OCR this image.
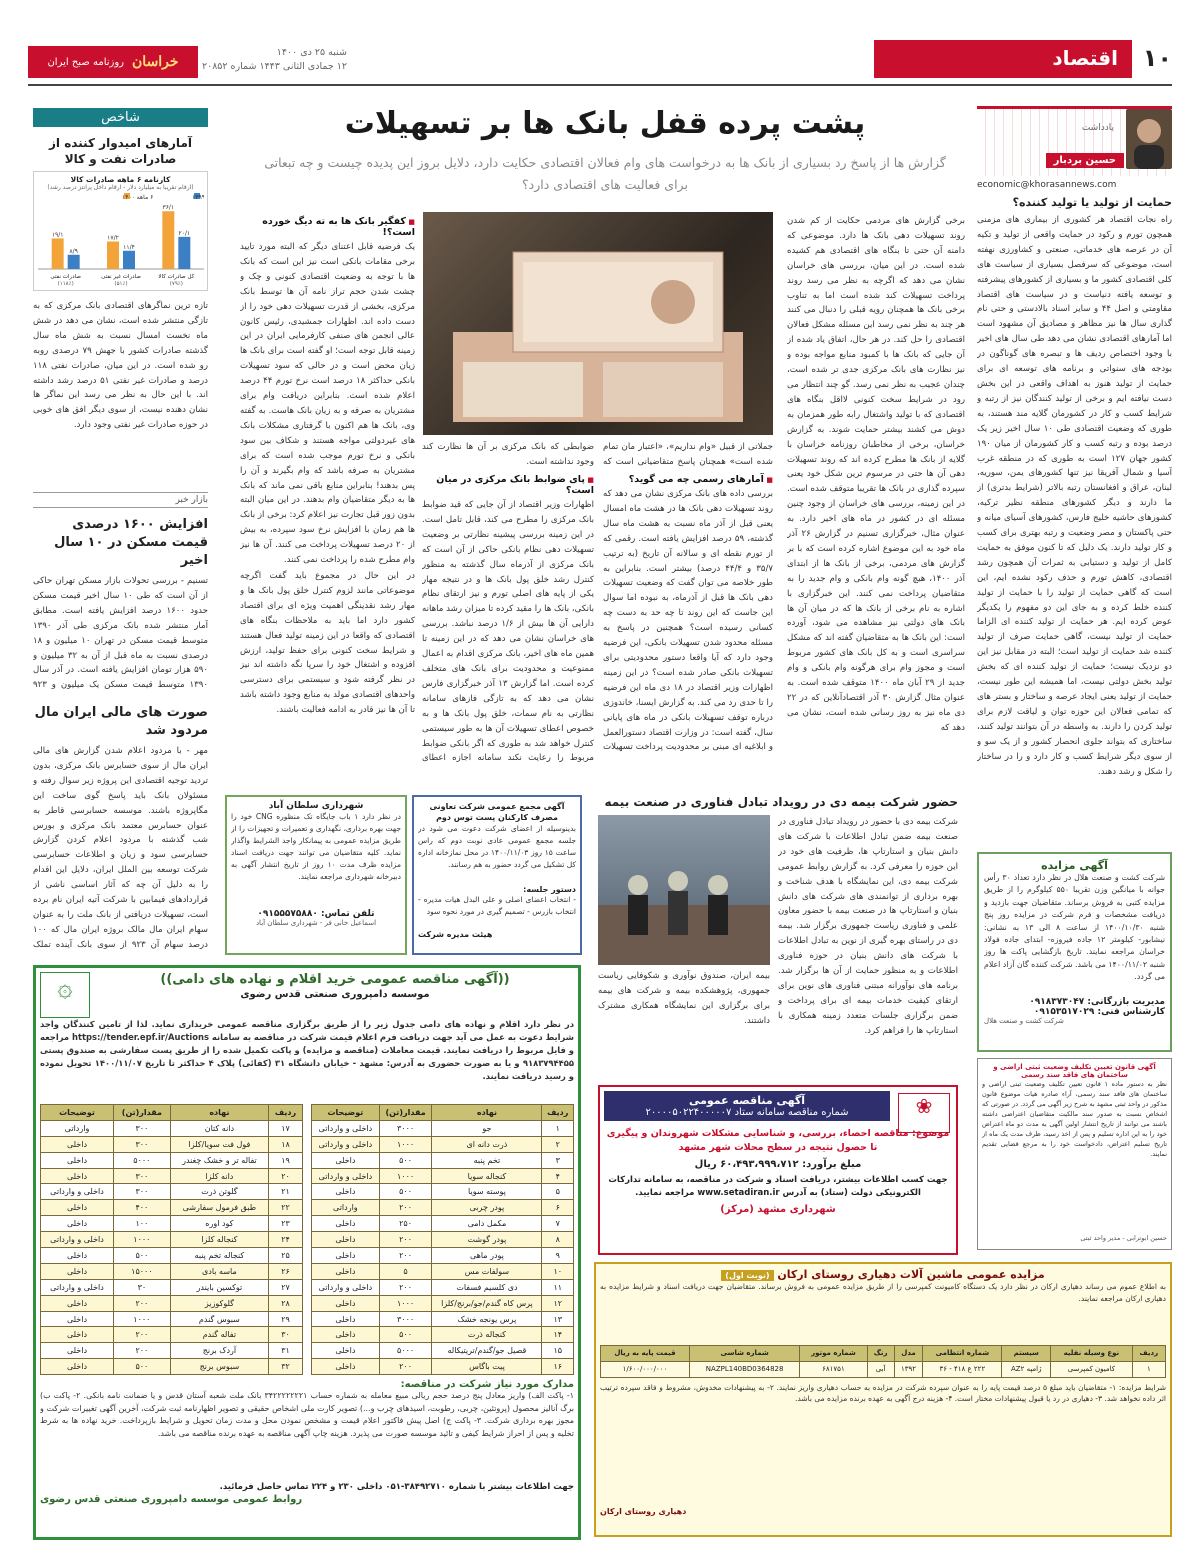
۱۰
اقتصاد
شنبه ۲۵ دی ۱۴۰۰
۱۲ جمادی الثانی ۱۴۴۳ شماره ۲۰۸۵۲
خراسان
روزنامه صبح ایران
یادداشت
حسین بردبار
economic@khorasannews.com
حمایت از تولید یا تولید کننده؟

راه نجات اقتصاد هر کشوری از بیماری های مزمنی همچون تورم و رکود در حمایت واقعی از تولید و تکیه آن در عرصه های خدماتی، صنعتی و کشاورزی نهفته است، موضوعی که سرفصل بسیاری از سیاست های کلی اقتصادی کشور ما و بسیاری از کشورهای پیشرفته و توسعه یافته دنیاست و در سیاست های اقتصاد مقاومتی و اصل ۴۴ و سایر اسناد بالادستی و حتی نام گذاری سال ها نیز مظاهر و مصادیق آن مشهود است اما آمارهای اقتصادی نشان می دهد طی سال های اخیر با وجود اختصاص ردیف ها و تبصره های گوناگون در بودجه های سنواتی و برنامه های توسعه ای برای حمایت از تولید هنوز به اهداف واقعی در این بخش دست نیافته ایم و برخی از تولید کنندگان نیز از رتبه و شرایط کسب و کار در کشورمان گلایه مند هستند، به طوری که وضعیت اقتصادی طی ۱۰ سال اخیر زیر یک درصد بوده و رتبه کسب و کار کشورمان از میان ۱۹۰ کشور جهان ۱۲۷ است به طوری که در منطقه غرب آسیا و شمال آفریقا نیز تنها کشورهای یمن، سوریه، لبنان، عراق و افغانستان رتبه بالاتر (شرایط بدتری) از ما دارند و دیگر کشورهای منطقه نظیر ترکیه، کشورهای حاشیه خلیج فارس، کشورهای آسیای میانه و حتی پاکستان و مصر وضعیت و رتبه بهتری برای کسب و کار تولید دارند. یک دلیل که تا کنون موفق به حمایت کامل از تولید و دستیابی به ثمرات آن همچون رشد اقتصادی، کاهش تورم و حذف رکود نشده ایم، این است که گاهی حمایت از تولید را با حمایت از تولید کننده خلط کرده و به جای این دو مفهوم را یکدیگر عوض کرده ایم. هر حمایت از تولید کننده ای الزاما حمایت از تولید نیست، گاهی حمایت صرف از تولید کننده شد حمایت از تولید است؛ البته در مقابل نیز این دو نزدیک نیست؛ حمایت از تولید کننده ای که بخش تولید بخش دولتی نیست، اما همیشه این طور نیست، حمایت از تولید یعنی ایجاد عرصه و ساختار و بستر های که تمامی فعالان این حوزه توان و لیاقت لازم برای تولید کردن را دارند. به واسطه در آن بتوانند تولید کنند، ساختاری که بتواند جلوی انحصار کشور و از یک سو و از سوی دیگر شرایط کسب و کار دارد و را در ساختار را شکل و رشد دهند.

پشت پرده قفل بانک ها بر تسهیلات
گزارش ها از پاسخ رد بسیاری از بانک ها به درخواست های وام فعالان اقتصادی حکایت دارد، دلایل بروز این پدیده چیست و چه تبعاتی برای فعالیت های اقتصادی دارد؟

برخی گزارش های مردمی حکایت از کم شدن روند تسهیلات دهی بانک ها دارد. موضوعی که دامنه آن حتی تا بنگاه های اقتصادی هم کشیده شده است. در این میان، بررسی های خراسان نشان می دهد که اگرچه به نظر می رسد روند پرداخت تسهیلات کند شده است اما به تناوب برخی بانک ها همچنان رویه قبلی را دنبال می کنند هر چند به نظر نمی رسد این مسئله مشکل فعالان اقتصادی را حل کند. در هر حال، اتفاق یاد شده از آن جایی که بانک ها با کمبود منابع مواجه بوده و نیز نظارت های بانک مرکزی جدی تر شده است، چندان عجیب به نظر نمی رسد. گو چند انتظار می رود در شرایط سخت کنونی لااقل بنگاه های اقتصادی که با تولید واشتغال رابه طور همزمان به دوش می کشند بیشتر حمایت شوند. به گزارش خراسان، برخی از مخاطبان روزنامه خراسان با گلایه از بانک ها مطرح کرده اند که روند تسهیلات دهی آن ها حتی در مرسوم ترین شکل خود یعنی سپرده گذاری در بانک ها تقریبا متوقف شده است. در این زمینه، بررسی های خراسان از وجود چنین مسئله ای در کشور در ماه های اخیر دارد. به عنوان مثال، خبرگزاری تسنیم در گزارش ۲۶ آذر ماه خود به این موضوع اشاره کرده است که با بر گزارش های مردمی، برخی از بانک ها از ابتدای آذر ۱۴۰۰، هیچ گونه وام بانکی و وام جدید را به متقاضیان پرداخت نمی کنند. این خبرگزاری با اشاره به نام برخی از بانک ها که در میان آن ها بانک های دولتی نیز مشاهده می شود، آورده است: این بانک ها به متقاضیان گفته اند که مشکل سراسری است و به کل بانک های کشور مربوط است و مجوز وام برای هرگونه وام بانکی و وام جدید از ۲۹ آبان ماه ۱۴۰۰ متوقف شده است. به عنوان مثال گزارش ۳۰ آذر اقتصادآنلاین که در ۲۲ دی ماه نیز به روز رسانی شده است، نشان می دهد که

جملاتی از قبیل «وام نداریم»، «اعتبار مان تمام شده است» همچنان پاسخ متقاضیانی است که

■ آمارهای رسمی چه می گوید؟

بررسی داده های بانک مرکزی نشان می دهد که روند تسهیلات دهی بانک ها در هشت ماه امسال یعنی قبل از آذر ماه نسبت به هشت ماه سال گذشته، ۵۹ درصد افزایش یافته است. رقمی که از تورم نقطه ای و سالانه آن تاریخ (به ترتیب ۳۵/۷ و ۴۴/۴ درصد) بیشتر است. بنابراین به طور خلاصه می توان گفت که وضعیت تسهیلات دهی بانک ها قبل از آذرماه، به نبوده اما سوال این جاست که این روند تا چه حد به دست چه کسانی رسیده است؟ همچنین در پاسخ به مسئله محدود شدن تسهیلات بانکی، این فرضیه وجود دارد که آیا واقعا دستور محدودیتی برای تسهیلات بانکی صادر شده است؟ در این زمینه اظهارات وزیر اقتصاد در ۱۸ دی ماه این فرضیه را تا حدی رد می کند. به گزارش ایسنا، خاندوزی درباره توقف تسهیلات بانکی در ماه های پایانی سال، گفته است: در وزارت اقتصاد دستورالعمل و ابلاغیه ای مبنی بر محدودیت پرداخت تسهیلات

ضوابطی که بانک مرکزی بر آن ها نظارت کند وجود نداشته است.

■ پای ضوابط بانک مرکزی در میان است؟

اظهارات وزیر اقتصاد از آن جایی که قید ضوابط بانک مرکزی را مطرح می کند، قابل تامل است. در این زمینه بررسی پیشینه نظارتی بر وضعیت تسهیلات دهی نظام بانکی حاکی از آن است که بانک مرکزی از آذرماه سال گذشته به منظور کنترل رشد خلق پول بانک ها و در نتیجه مهار یکی از پایه های اصلی تورم و نیز ارتقای نظام بانکی، بانک ها را مقید کرده تا میزان رشد ماهانه دارایی آن ها بیش از ۱/۶ درصد نباشد. بررسی های خراسان نشان می دهد که در این زمینه تا همین ماه های اخیر، بانک مرکزی اقدام به اعمال ممنوعیت و محدودیت برای بانک های متخلف کرده است. اما گزارش ۱۳ آذر خبرگزاری فارس نشان می دهد که به تازگی فازهای سامانه نظارتی به نام سمات، خلق پول بانک ها و به خصوص اعطای تسهیلات آن ها به طور سیستمی کنترل خواهد شد به طوری که اگر بانکی ضوابط مربوط را رعایت نکند سامانه اجازه اعطای

■ کفگیر بانک ها به ته دیگ خورده است؟!

یک فرضیه قابل اعتنای دیگر که البته مورد تایید برخی مقامات بانکی است نیز این است که بانک ها با توجه به وضعیت اقتصادی کنونی و چک و چشت شدن حجم تراز نامه آن ها توسط بانک مرکزی، بخشی از قدرت تسهیلات دهی خود را از دست داده اند. اظهارات جمشیدی، رئیس کانون عالی انجمن های صنفی کارفرمایی ایران در این زمینه قابل توجه است؛ او گفته است برای بانک ها زیان محض است و در حالی که سود تسهیلات بانکی حداکثر ۱۸ درصد است نرخ تورم ۴۴ درصد اعلام شده است. بنابراین دریافت وام برای مشتریان به صرفه و به زیان بانک هاست. به گفته وی، بانک ها هم اکنون با گرفتاری مشکلات بانک های غیردولتی مواجه هستند و شکاف بین سود بانکی و نرخ تورم موجب شده است که برای مشتریان به صرفه باشد که وام بگیرند و آن را پس بدهند! بنابراین منابع باقی نمی ماند که بانک ها به دیگر متقاضیان وام بدهند. در این میان البته بدون زور قبل تجارت نیز اعلام کرد: برخی از بانک ها هم زمان با افزایش نرخ سود سپرده، به بیش از ۲۰ درصد تسهیلات پرداخت می کنند. آن ها نیز وام مطرح شده را پرداخت نمی کنند.

در این حال در مجموع باید گفت اگرچه موضوعاتی مانند لزوم کنترل خلق پول بانک ها و مهار رشد نقدینگی اهمیت ویژه ای برای اقتصاد کشور دارد اما باید به ملاحظات بنگاه های اقتصادی که واقعا در این زمینه تولید فعال هستند و شرایط سخت کنونی برای حفظ تولید، ارزش افزوده و اشتغال خود را سرپا نگه داشته اند نیز در نظر گرفته شود و سیستمی برای دسترسی واحدهای اقتصادی مولد به منابع وجود داشته باشد تا آن ها نیز قادر به ادامه فعالیت باشند.

شاخص
آمارهای امیدوار کننده از صادرات نفت و کالا
کارنامه ۶ ماهه صادرات کالا
(ارقام تقریبا به میلیارد دلار - ارقام داخل پرانتز درصد رشد)
۲۰/۱
۳۶/۱
کل صادرات کالا
(۷۹٪)
۱۱/۴
۱۷/۲
صادرات غیر نفتی
(۵۱٪)
۸/۹
۱۹/۱
صادرات نفتی
(۱۱۸٪)
۱۳۹۹
۶ ماهه ۱۴۰۰

تازه ترین نماگرهای اقتصادی بانک مرکزی که به تازگی منتشر شده است، نشان می دهد در شش ماه نخست امسال نسبت به شش ماه سال گذشته صادرات کشور با جهش ۷۹ درصدی روبه رو شده است. در این میان، صادرات نفتی ۱۱۸ درصد و صادرات غیر نفتی ۵۱ درصد رشد داشته اند. با این حال به نظر می رسد این نماگر ها نشان دهنده نیست، از سوی دیگر افق های خوبی در حوزه صادرات غیر نفتی وجود دارد.

بازار خبر
افزایش ۱۶۰۰ درصدی قیمت مسکن در ۱۰ سال اخیر

تسنیم - بررسی تحولات بازار مسکن تهران حاکی از آن است که طی ۱۰ سال اخیر قیمت مسکن حدود ۱۶۰۰ درصد افزایش یافته است. مطابق آمار منتشر شده بانک مرکزی طی آذر ۱۳۹۰ متوسط قیمت مسکن در تهران ۱۰ میلیون و ۱۸ درصدی نسبت به ماه قبل از آن به ۳۲ میلیون و ۵۹۰ هزار تومان افزایش یافته است. در آذر سال ۱۳۹۰ متوسط قیمت مسکن یک میلیون و ۹۲۳

صورت های مالی ایران مال مردود شد

مهر - با مردود اعلام شدن گزارش های مالی ایران مال از سوی حسابرس بانک مرکزی، بدون تردید توجیه اقتصادی این پروژه زیر سوال رفته و مسئولان بانک باید پاسخ گوی ساخت این مگاپروژه باشند. موسسه حسابرسی قاطر به عنوان حسابرس معتمد بانک مرکزی و بورس شب گذشته با مردود اعلام کردن گزارش حسابرسی سود و زیان و اطلاعات حسابرسی شرکت توسعه بین الملل ایران، دلایل این اقدام را به دلیل آن چه که آثار اساسی ناشی از قراردادهای فیمابین با شرکت آتیه ایران نام برده است، تسهیلات دریافتی از بانک ملت را به عنوان سهام ایران مال مالک بروژه ایران مال که ۱۰۰ درصد سهام آن ۹۲۳ از سوی بانک آینده تملک

شهرداری سلطان آباد

در نظر دارد ۱ باب جایگاه تک منظوره CNG خود را جهت بهره برداری، نگهداری و تعمیرات و تجهیزات را از طریق مزایده عمومی به پیمانکار واجد الشرایط واگذار نماید. کلیه متقاضیان می توانند جهت دریافت اسناد مزایده ظرف مدت ۱۰ روز از تاریخ انتشار آگهی به دبیرخانه شهرداری مراجعه نمایند.

تلفن تماس: ۰۹۱۵۵۵۷۵۸۸۰
اسماعیل خانی فر - شهرداری سلطان آباد
آگهی مجمع عمومی شرکت تعاونی مصرف کارکنان پست توس دوم

بدینوسیله از اعضای شرکت دعوت می شود در جلسه مجمع عمومی عادی نوبت دوم که راس ساعت ۱۵ روز ۱۴۰۰/۱۱/۰۳ در محل نمازخانه اداره کل تشکیل می گردد حضور به هم رسانند.

دستور جلسه:

- انتخاب اعضای اصلی و علی البدل هیات مدیره - انتخاب بازرس - تصمیم گیری در مورد نحوه سود

هیئت مدیره شرکت
حضور شرکت بیمه دی در رویداد تبادل فناوری در صنعت بیمه

شرکت بیمه دی با حضور در رویداد تبادل فناوری در صنعت بیمه ضمن تبادل اطلاعات با شرکت های دانش بنیان و استارتاپ ها، ظرفیت های خود در این حوزه را معرفی کرد. به گزارش روابط عمومی شرکت بیمه دی، این نمایشگاه با هدف شناخت و بهره برداری از توانمندی های شرکت های دانش بنیان و استارتاپ ها در صنعت بیمه با حضور معاون علمی و فناوری ریاست جمهوری برگزار شد. بیمه دی در راستای بهره گیری از نوین به تبادل اطلاعات با شرکت های دانش بنیان در حوزه فناوری اطلاعات و به منظور حمایت از آن ها برگزار شد. برنامه های نوآورانه مبتنی فناوری های نوین برای ارتقای کیفیت خدمات بیمه ای برای پرداخت و ضمن برگزاری جلسات متعدد زمینه همکاری با استارتاپ ها را فراهم کرد.

بیمه ایران، صندوق نوآوری و شکوفایی ریاست جمهوری، پژوهشکده بیمه و شرکت های بیمه برای برگزاری این نمایشگاه همکاری مشترک داشتند.

آگهی مزایده

شرکت کشت و صنعت هلال در نظر دارد تعداد ۳۰ رأس جوانه با میانگین وزن تقریبا ۵۵۰ کیلوگرم را از طریق مزایده کتبی به فروش برساند. متقاضیان جهت بازدید و دریافت مشخصات و فرم شرکت در مزایده روز پنج شنبه ۱۴۰۰/۱۰/۳۰ از ساعت ۸ الی ۱۳ به نشانی: نیشابور- کیلومتر ۱۲ جاده فیروزه- ابتدای جاده فولاد خراسان مراجعه نمایند. تاریخ بازگشایی پاکت ها روز شنبه ۱۴۰۰/۱۱/۰۲ می باشد. شرکت کننده گان آزاد اعلام می گردد.

مدیریت بازرگانی: ۰۹۱۸۳۷۳۰۴۷
کارشناس فنی: ۰۹۱۵۳۵۱۷۰۲۹
شرکت کشت و صنعت هلال
آگهی مناقصه عمومی
شماره مناقصه سامانه ستاد ۲۰۰۰۰۵۰۲۲۴۰۰۰۰۰۷	❀
موضوع: مناقصه احصاء، بررسی، و شناسایی مشکلات شهروندان و پیگیری تا حصول نتیجه در سطح محلات شهر مشهد
مبلغ برآورد: ۶۰،۴۹۳،۹۹۹،۷۱۲ ریال
جهت کسب اطلاعات بیشتر، دریافت اسناد و شرکت در مناقصه، به سامانه تدارکات الکترونیکی دولت (ستاد) به آدرس www.setadiran.ir مراجعه نمایید.
شهرداری مشهد (مرکز)
آگهی قانون تعیین تکلیف وضعیت ثبتی اراضی و ساختمان های فاقد سند رسمی

نظر به دستور ماده ۱ قانون تعیین تکلیف وضعیت ثبتی اراضی و ساختمان های فاقد سند رسمی، آراء صادره هیات موضوع قانون مذکور در واحد ثبتی مشهد به شرح زیر آگهی می گردد. در صورتی که اشخاص نسبت به صدور سند مالکیت متقاضیان اعتراضی داشته باشند می توانند از تاریخ انتشار اولین آگهی به مدت دو ماه اعتراض خود را به این اداره تسلیم و پس از اخذ رسید، ظرف مدت یک ماه از تاریخ تسلیم اعتراض، دادخواست خود را به مرجع قضایی تقدیم نمایند.

حسین ابوترابی - مدیر واحد ثبتی
((آگهی مناقصه عمومی خرید اقلام و نهاده های دامی))
موسسه دامپروری صنعتی قدس رضوی
۞

در نظر دارد اقلام و نهاده های دامی جدول زیر را از طریق برگزاری مناقصه عمومی خریداری نماید. لذا از تامین کنندگان واجد شرایط دعوت به عمل می آید جهت دریافت فرم اعلام قیمت شرکت در مناقصه به سامانه https://tender.epf.ir/Auctions مراجعه و فایل مربوط را دریافت نمایند. قیمت معاملات (مناقصه و مزایده) و پاکت تکمیل شده را از طریق پست سفارشی به صندوق پستی ۹۱۸۳۷۹۴۴۵۵ و یا به صورت حضوری به آدرس: مشهد - خیابان دانشگاه ۳۱ (کفائی) پلاک ۴ حداکثر تا تاریخ ۱۴۰۰/۱۱/۰۷ تحویل نموده و رسید دریافت نمایند.

ردیف	نهاده	مقدار(تن)	توضیحات
۱	جو	۳۰۰۰	داخلی و وارداتی
۲	ذرت دانه ای	۱۰۰۰	داخلی و وارداتی
۳	تخم پنبه	۵۰۰	داخلی
۴	کنجاله سویا	۱۰۰۰	داخلی و وارداتی
۵	پوسته سویا	۵۰۰	داخلی
۶	پودر چربی	۲۰۰	وارداتی
۷	مکمل دامی	۲۵۰	داخلی
۸	پودر گوشت	۲۰۰	داخلی
۹	پودر ماهی	۲۰۰	داخلی
۱۰	سولفات مس	۵	داخلی
۱۱	دی کلسیم فسفات	۲۰۰	داخلی و وارداتی
۱۲	پرس کاه گندم/جو/برنج/کلزا	۱۰۰۰	داخلی
۱۳	پرس یونجه خشک	۳۰۰۰	داخلی
۱۴	کنجاله ذرت	۵۰۰	داخلی
۱۵	قصیل جو/گندم/تریتیکاله	۵۰۰۰	داخلی
۱۶	پیت باگاس	۲۰۰	داخلی
ردیف	نهاده	مقدار(تن)	توضیحات
۱۷	دانه کتان	۳۰۰	وارداتی
۱۸	فول فت سویا/کلزا	۳۰۰	داخلی
۱۹	تفاله تر و خشک چغندر	۵۰۰۰	داخلی
۲۰	دانه کلزا	۳۰۰	داخلی
۲۱	گلوتن ذرت	۳۰۰	داخلی و وارداتی
۲۲	طبق فرمول سفارشی	۴۰۰	داخلی
۲۳	کود اوره	۱۰۰	داخلی
۲۴	کنجاله کلزا	۱۰۰۰	داخلی و وارداتی
۲۵	کنجاله تخم پنبه	۵۰۰	داخلی
۲۶	ماسه بادی	۱۵۰۰۰	داخلی
۲۷	توکسین بایندر	۳۰	داخلی و وارداتی
۲۸	گلوکوزیز	۲۰۰	داخلی
۲۹	سبوس گندم	۱۰۰۰	داخلی
۳۰	تفاله گندم	۲۰۰	داخلی
۳۱	آردک برنج	۲۰۰	داخلی
۳۲	سبوس برنج	۵۰۰	داخلی
مدارک مورد نیاز شرکت در مناقصه:

۱- پاکت الف) واریز معادل پنج درصد حجم ریالی مبیع معامله به شماره حساب ۳۴۲۲۲۲۲۲۲۱ بانک ملت شعبه آستان قدس و یا ضمانت نامه بانکی. ۲- پاکت ب) برگ آنالیز محصول (پروتئین، چربی، رطوبت، اسیدهای چرب و...) تصویر کارت ملی اشخاص حقیقی و تصویر اظهارنامه ثبت شرکت، آخرین آگهی تغییرات شرکت و مجوز بهره برداری شرکت. ۳- پاکت ج) اصل پیش فاکتور اعلام قیمت و مشخص نمودن محل و مدت زمان تحویل و شرایط بازپرداخت. خرید نهاده ها به شرط تخلیه و پس از احراز شرایط کیفی و تائید موسسه صورت می پذیرد. هزینه چاپ آگهی مناقصه به عهده برنده مناقصه می باشد.

جهت اطلاعات بیشتر با شماره ۳۸۴۹۲۷۱۰-۰۵۱ داخلی ۲۳۰ و ۲۲۴ تماس حاصل فرمائید.
روابط عمومی موسسه دامپروری صنعتی قدس رضوی
مزایده عمومی ماشین آلات دهیاری روستای ارکان (نوبت اول)

به اطلاع عموم می رساند دهیاری ارکان در نظر دارد یک دستگاه کامیونت کمپرسی را از طریق مزایده عمومی به فروش برساند. متقاضیان جهت دریافت اسناد و شرایط مزایده به دهیاری ارکان مراجعه نمایند.

ردیف	نوع وسیله نقلیه	سیستم	شماره انتظامی	مدل	رنگ	شماره موتور	شماره شاسی	قیمت پایه به ریال
۱	کامیون کمپرسی	ژامپه AZ۲	۲۲۲ ع ۴۱۸ - ۳۶	۱۳۹۲	آبی	۶۸۱۷۵۱	NAZPL140BD0364828	۱/۶۰۰/۰۰۰/۰۰۰

شرایط مزایده: ۱- متقاضیان باید مبلغ ۵ درصد قیمت پایه را به عنوان سپرده شرکت در مزایده به حساب دهیاری واریز نمایند. ۲- به پیشنهادات مخدوش، مشروط و فاقد سپرده ترتیب اثر داده نخواهد شد. ۳- دهیاری در رد یا قبول پیشنهادات مختار است. ۴- هزینه درج آگهی به عهده برنده مزایده می باشد.

دهیاری روستای ارکان
